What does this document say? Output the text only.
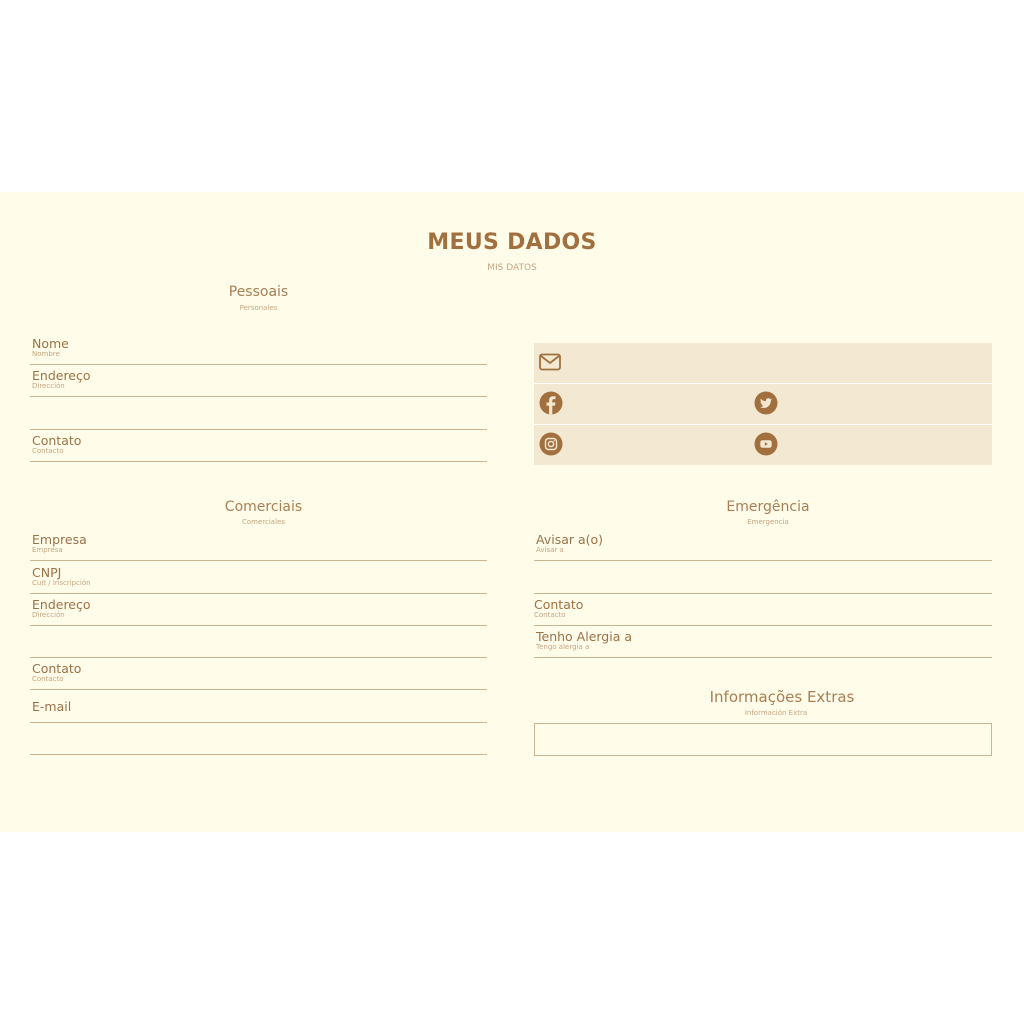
MEUS DADOS
MIS DATOS
Pessoais
Personales
Nome
Nombre
Endereço
Dirección
Contato
Contacto
Comerciais
Comerciales
Empresa
Empresa
CNPJ
Cuit / Inscripción
Endereço
Dirección
Contato
Contacto
E-mail
Emergência
Emergencia
Avisar a(o)
Avisar a
Contato
Contacto
Tenho Alergia a
Tengo alergia a
Informações Extras
Información Extra
